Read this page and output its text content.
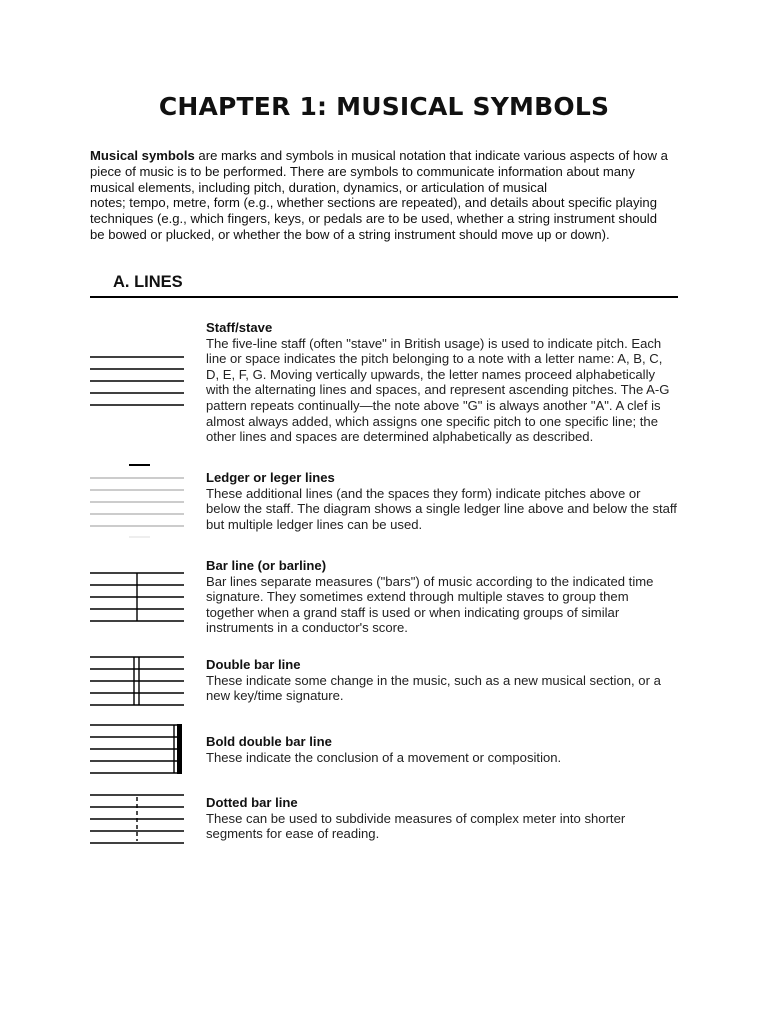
CHAPTER 1: MUSICAL SYMBOLS
Musical symbols are marks and symbols in musical notation that indicate various aspects of how a
piece of music is to be performed. There are symbols to communicate information about many
musical elements, including pitch, duration, dynamics, or articulation of musical
notes; tempo, metre, form (e.g., whether sections are repeated), and details about specific playing
techniques (e.g., which fingers, keys, or pedals are to be used, whether a string instrument should
be bowed or plucked, or whether the bow of a string instrument should move up or down).
A. LINES
Staff/stave
The five-line staff (often "stave" in British usage) is used to indicate pitch. Each
line or space indicates the pitch belonging to a note with a letter name: A, B, C,
D, E, F, G. Moving vertically upwards, the letter names proceed alphabetically
with the alternating lines and spaces, and represent ascending pitches. The A-G
pattern repeats continually—the note above "G" is always another "A". A clef is
almost always added, which assigns one specific pitch to one specific line; the
other lines and spaces are determined alphabetically as described.
Ledger or leger lines
These additional lines (and the spaces they form) indicate pitches above or
below the staff. The diagram shows a single ledger line above and below the staff
but multiple ledger lines can be used.
Bar line (or barline)
Bar lines separate measures ("bars") of music according to the indicated time
signature. They sometimes extend through multiple staves to group them
together when a grand staff is used or when indicating groups of similar
instruments in a conductor's score.
Double bar line
These indicate some change in the music, such as a new musical section, or a
new key/time signature.
Bold double bar line
These indicate the conclusion of a movement or composition.
Dotted bar line
These can be used to subdivide measures of complex meter into shorter
segments for ease of reading.
